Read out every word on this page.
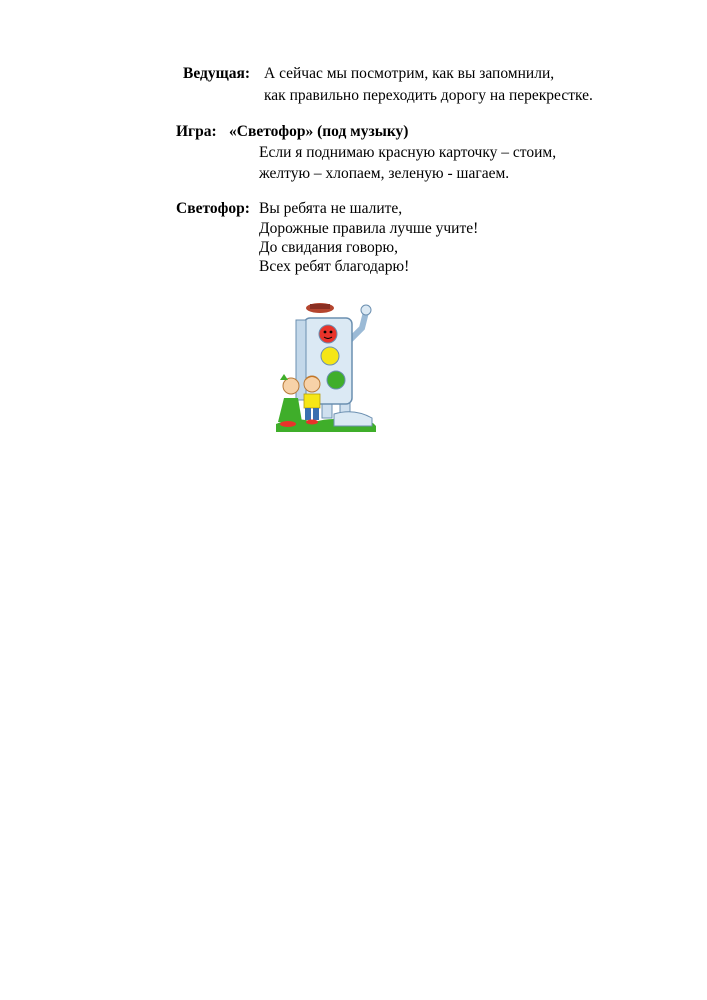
Ведущая: А сейчас мы посмотрим, как вы запомнили,
как правильно переходить дорогу на перекрестке.
Игра: «Светофор» (под музыку)
Если я поднимаю красную карточку – стоим,
желтую – хлопаем, зеленую - шагаем.
Светофор: Вы ребята не шалите,
Дорожные правила лучше учите!
До свидания говорю,
Всех ребят благодарю!
